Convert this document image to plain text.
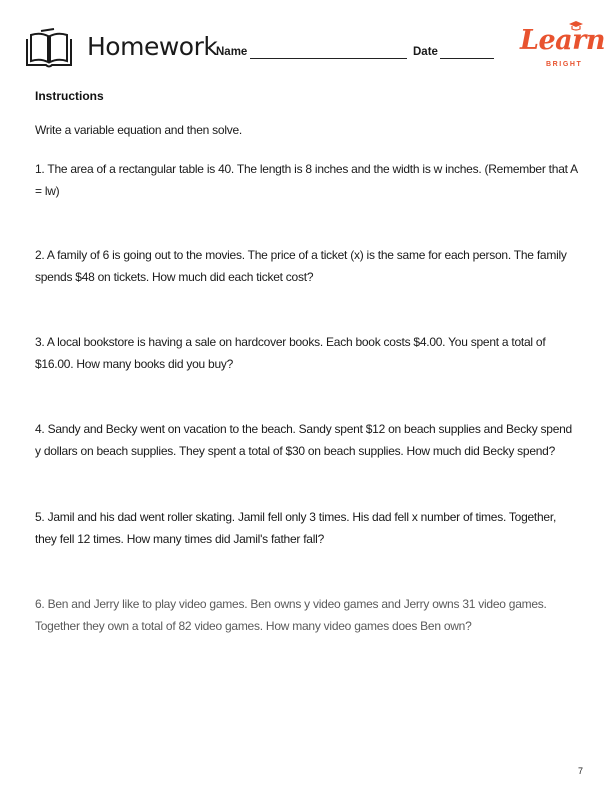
Homework
Name	Date	Learn
BRIGHT
Instructions
Write a variable equation and then solve.
1. The area of a rectangular table is 40. The length is 8 inches and the width is w inches. (Remember that A = lw)
2. A family of 6 is going out to the movies. The price of a ticket (x) is the same for each person. The family spends $48 on tickets. How much did each ticket cost?
3. A local bookstore is having a sale on hardcover books. Each book costs $4.00. You spent a total of $16.00. How many books did you buy?
4. Sandy and Becky went on vacation to the beach. Sandy spent $12 on beach supplies and Becky spend y dollars on beach supplies. They spent a total of $30 on beach supplies. How much did Becky spend?
5. Jamil and his dad went roller skating. Jamil fell only 3 times. His dad fell x number of times. Together, they fell 12 times. How many times did Jamil's father fall?
6. Ben and Jerry like to play video games. Ben owns y video games and Jerry owns 31 video games. Together they own a total of 82 video games. How many video games does Ben own?
7
